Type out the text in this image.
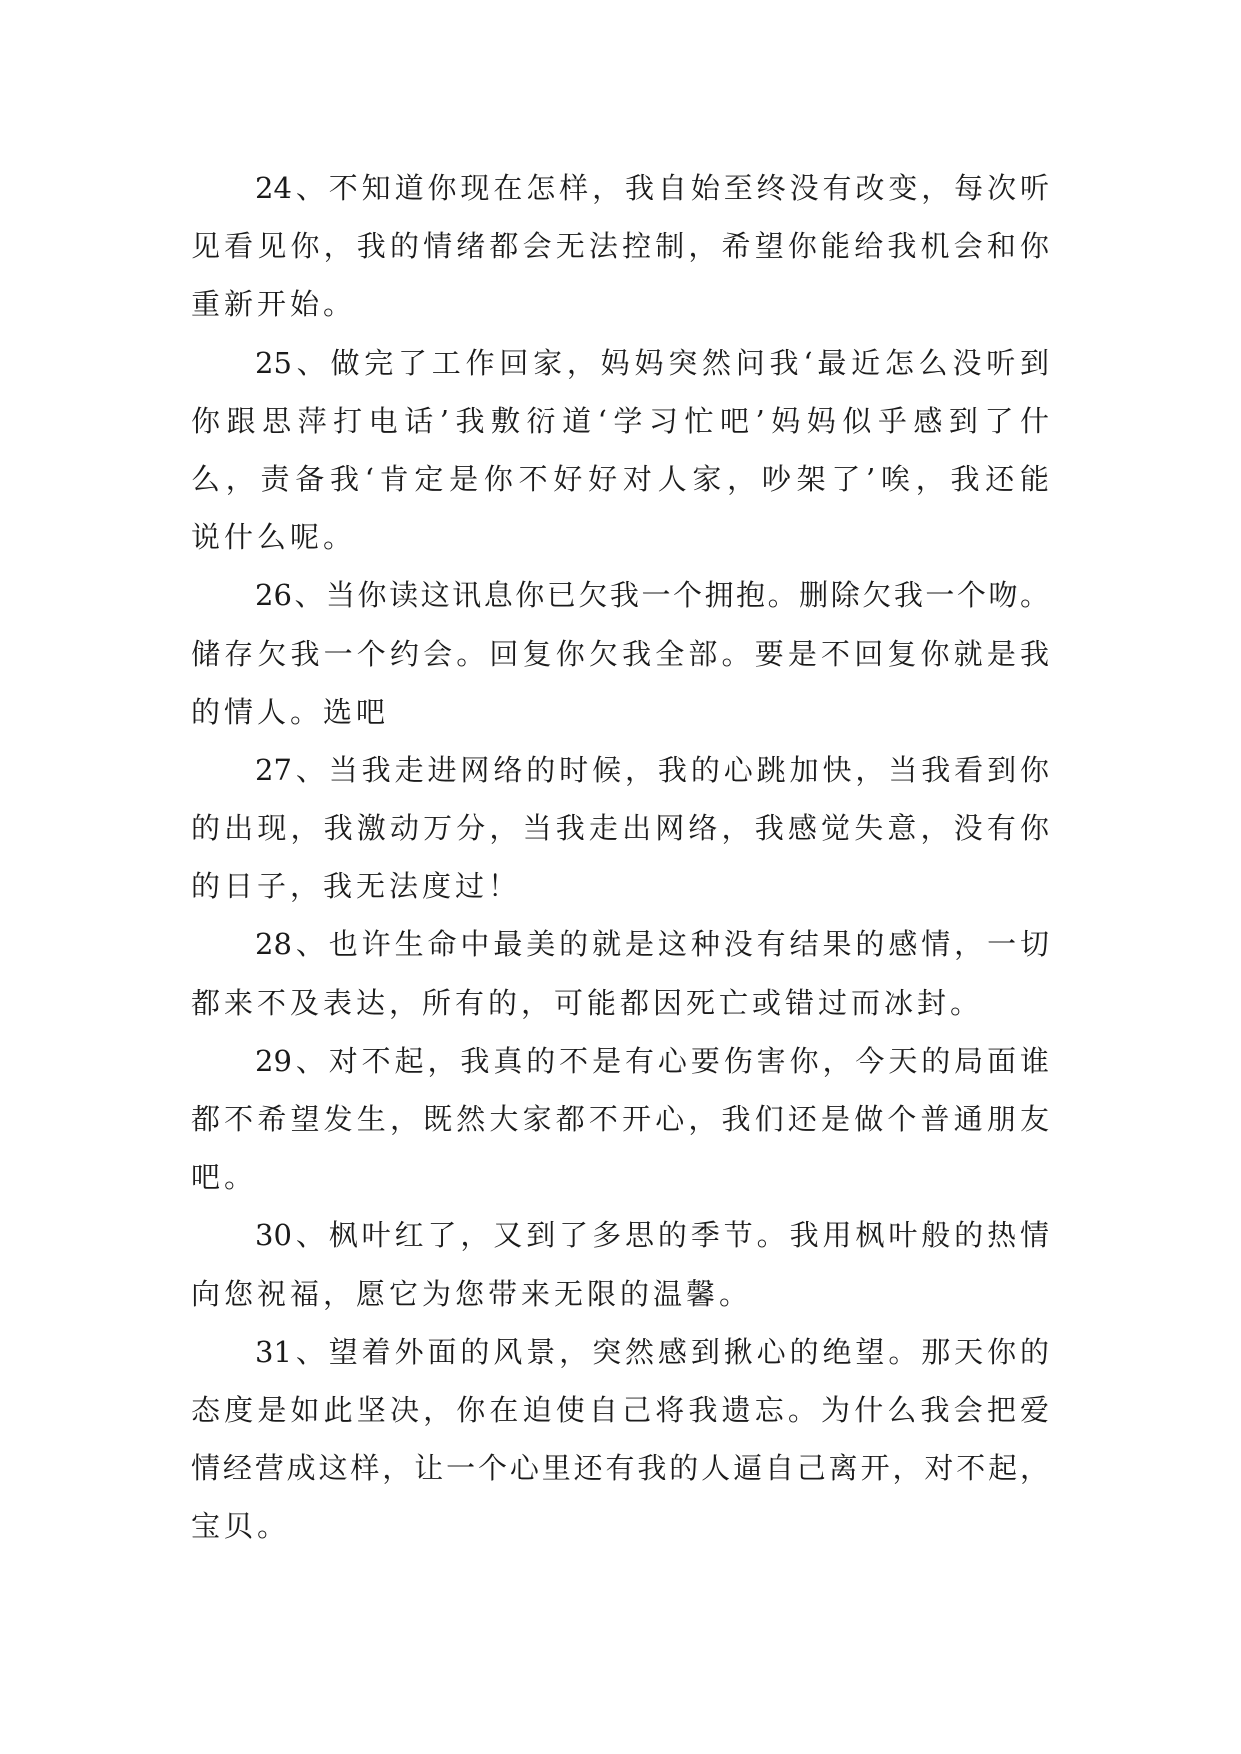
24、不知道你现在怎样，我自始至终没有改变，每次听
见看见你，我的情绪都会无法控制，希望你能给我机会和你
重新开始。
25、做完了工作回家，妈妈突然问我‘最近怎么没听到
你跟思萍打电话’我敷衍道‘学习忙吧’妈妈似乎感到了什
么，责备我‘肯定是你不好好对人家，吵架了’唉，我还能
说什么呢。
26、当你读这讯息你已欠我一个拥抱。删除欠我一个吻。
储存欠我一个约会。回复你欠我全部。要是不回复你就是我
的情人。选吧
27、当我走进网络的时候，我的心跳加快，当我看到你
的出现，我激动万分，当我走出网络，我感觉失意，没有你
的日子，我无法度过！
28、也许生命中最美的就是这种没有结果的感情，一切
都来不及表达，所有的，可能都因死亡或错过而冰封。
29、对不起，我真的不是有心要伤害你，今天的局面谁
都不希望发生，既然大家都不开心，我们还是做个普通朋友
吧。
30、枫叶红了，又到了多思的季节。我用枫叶般的热情
向您祝福，愿它为您带来无限的温馨。
31、望着外面的风景，突然感到揪心的绝望。那天你的
态度是如此坚决，你在迫使自己将我遗忘。为什么我会把爱
情经营成这样，让一个心里还有我的人逼自己离开，对不起，
宝贝。
